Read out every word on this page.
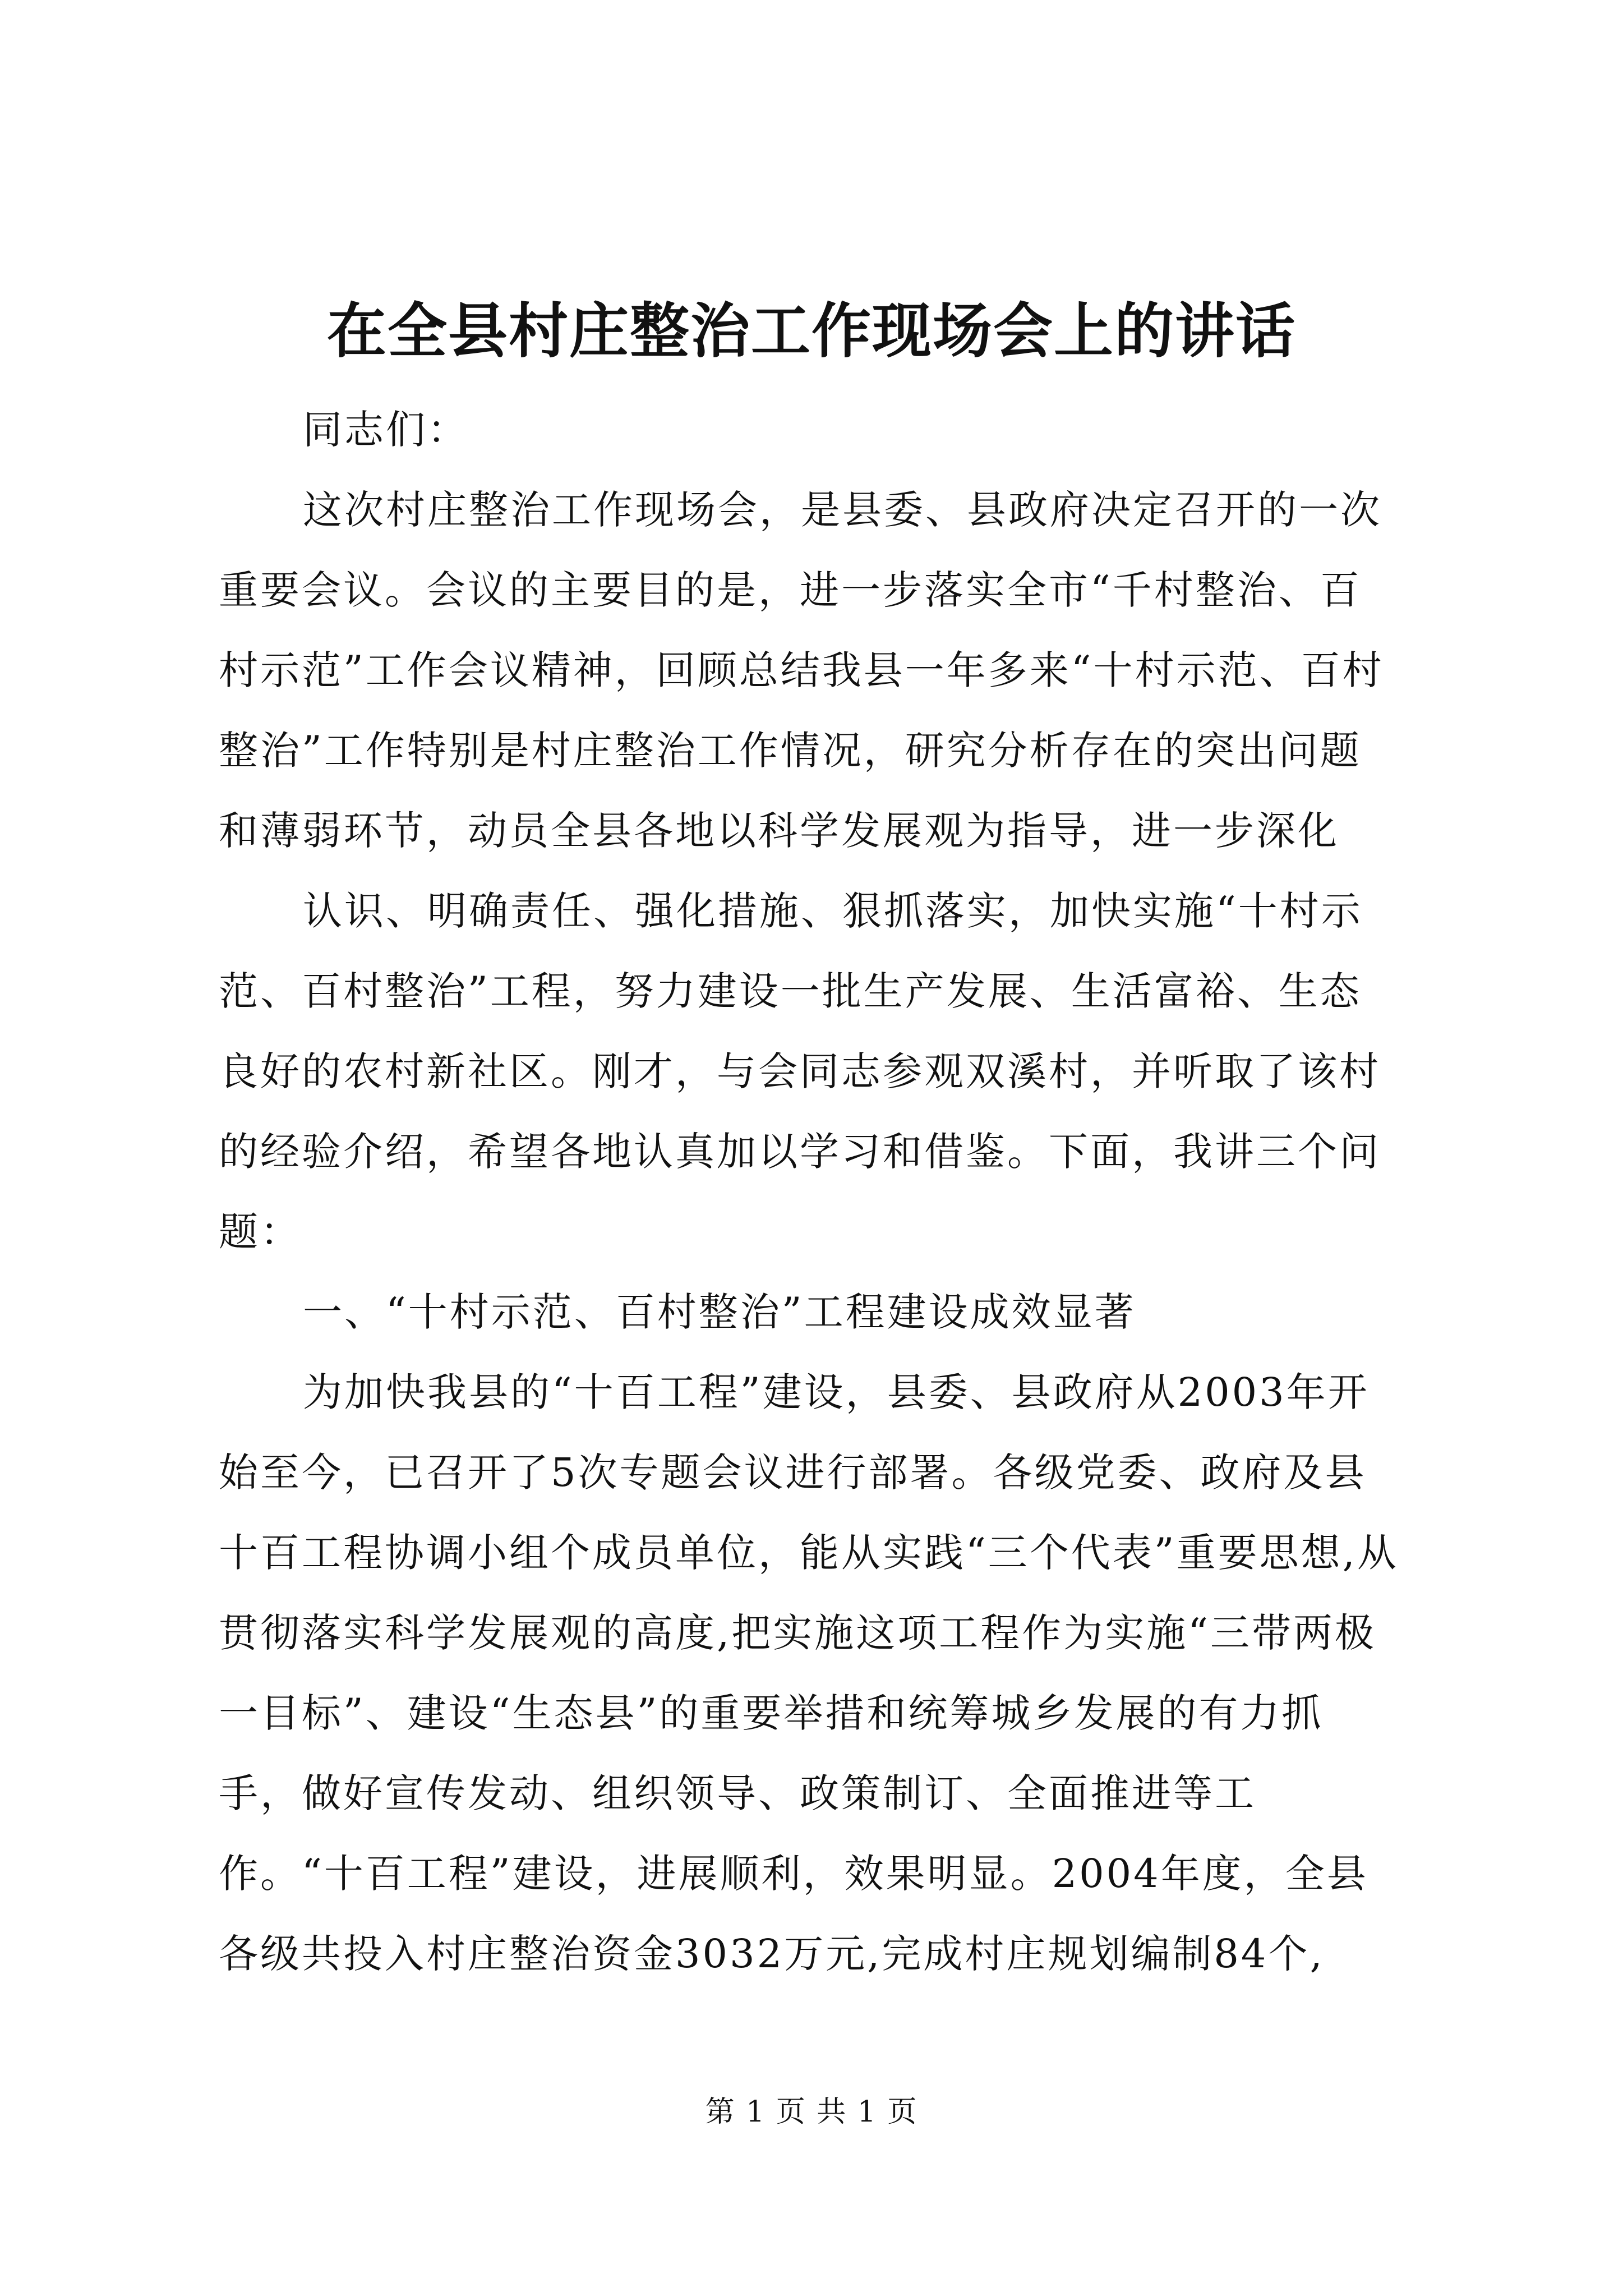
在全县村庄整治工作现场会上的讲话

同志们：

这次村庄整治工作现场会，是县委、县政府决定召开的一次重要会议。会议的主要目的是，进一步落实全市“千村整治、百村示范”工作会议精神，回顾总结我县一年多来“十村示范、百村整治”工作特别是村庄整治工作情况，研究分析存在的突出问题和薄弱环节，动员全县各地以科学发展观为指导，进一步深化

认识、明确责任、强化措施、狠抓落实，加快实施“十村示范、百村整治”工程，努力建设一批生产发展、生活富裕、生态良好的农村新社区。刚才，与会同志参观双溪村，并听取了该村的经验介绍，希望各地认真加以学习和借鉴。下面，我讲三个问题：

一、“十村示范、百村整治”工程建设成效显著

为加快我县的“十百工程”建设，县委、县政府从2003年开始至今，已召开了5次专题会议进行部署。各级党委、政府及县十百工程协调小组个成员单位，能从实践“三个代表”重要思想,从贯彻落实科学发展观的高度,把实施这项工程作为实施“三带两极一目标”、建设“生态县”的重要举措和统筹城乡发展的有力抓手，做好宣传发动、组织领导、政策制订、全面推进等工作。“十百工程”建设，进展顺利，效果明显。2004年度，全县各级共投入村庄整治资金3032万元,完成村庄规划编制84个,

第 1 页 共 1 页
